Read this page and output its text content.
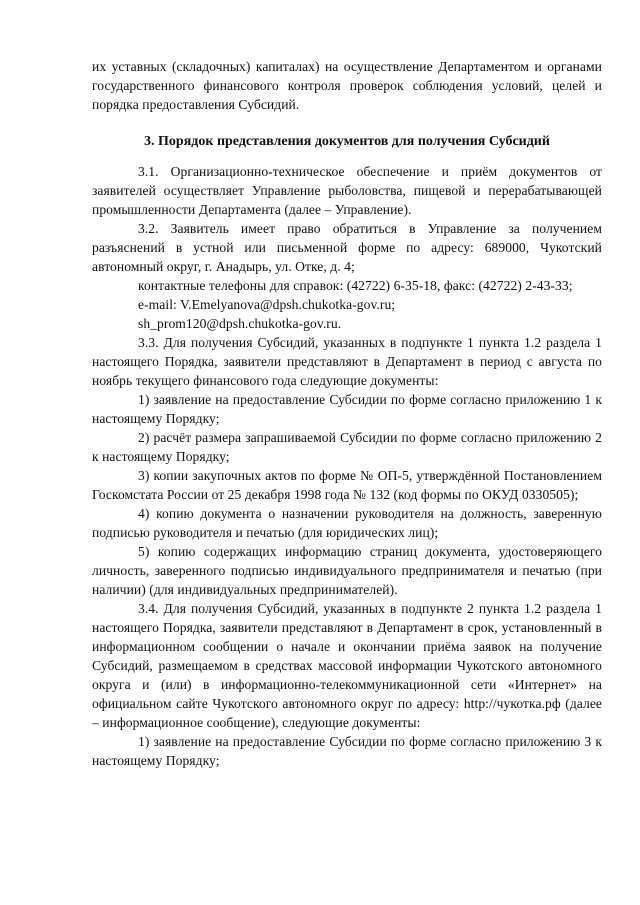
их уставных (складочных) капиталах) на осуществление Департаментом и органами государственного финансового контроля проверок соблюдения условий, целей и порядка предоставления Субсидий.

3. Порядок представления документов для получения Субсидий

3.1. Организационно-техническое обеспечение и приём документов от заявителей осуществляет Управление рыболовства, пищевой и перерабатывающей промышленности Департамента (далее – Управление).

3.2. Заявитель имеет право обратиться в Управление за получением разъяснений в устной или письменной форме по адресу: 689000, Чукотский автономный округ, г. Анадырь, ул. Отке, д. 4;

контактные телефоны для справок: (42722) 6-35-18, факс: (42722) 2-43-33;

e-mail: V.Emelyanova@dpsh.chukotka-gov.ru;

sh_prom120@dpsh.chukotka-gov.ru.

3.3. Для получения Субсидий, указанных в подпункте 1 пункта 1.2 раздела 1 настоящего Порядка, заявители представляют в Департамент в период с августа по ноябрь текущего финансового года следующие документы:

1) заявление на предоставление Субсидии по форме согласно приложению 1 к настоящему Порядку;

2) расчёт размера запрашиваемой Субсидии по форме согласно приложению 2 к настоящему Порядку;

3) копии закупочных актов по форме № ОП-5, утверждённой Постановлением Госкомстата России от 25 декабря 1998 года № 132 (код формы по ОКУД 0330505);

4) копию документа о назначении руководителя на должность, заверенную подписью руководителя и печатью (для юридических лиц);

5) копию содержащих информацию страниц документа, удостоверяющего личность, заверенного подписью индивидуального предпринимателя и печатью (при наличии) (для индивидуальных предпринимателей).

3.4. Для получения Субсидий, указанных в подпункте 2 пункта 1.2 раздела 1 настоящего Порядка, заявители представляют в Департамент в срок, установленный в информационном сообщении о начале и окончании приёма заявок на получение Субсидий, размещаемом в средствах массовой информации Чукотского автономного округа и (или) в информационно-телекоммуникационной сети «Интернет» на официальном сайте Чукотского автономного округ по адресу: http://чукотка.рф (далее – информационное сообщение), следующие документы:

1) заявление на предоставление Субсидии по форме согласно приложению 3 к настоящему Порядку;
